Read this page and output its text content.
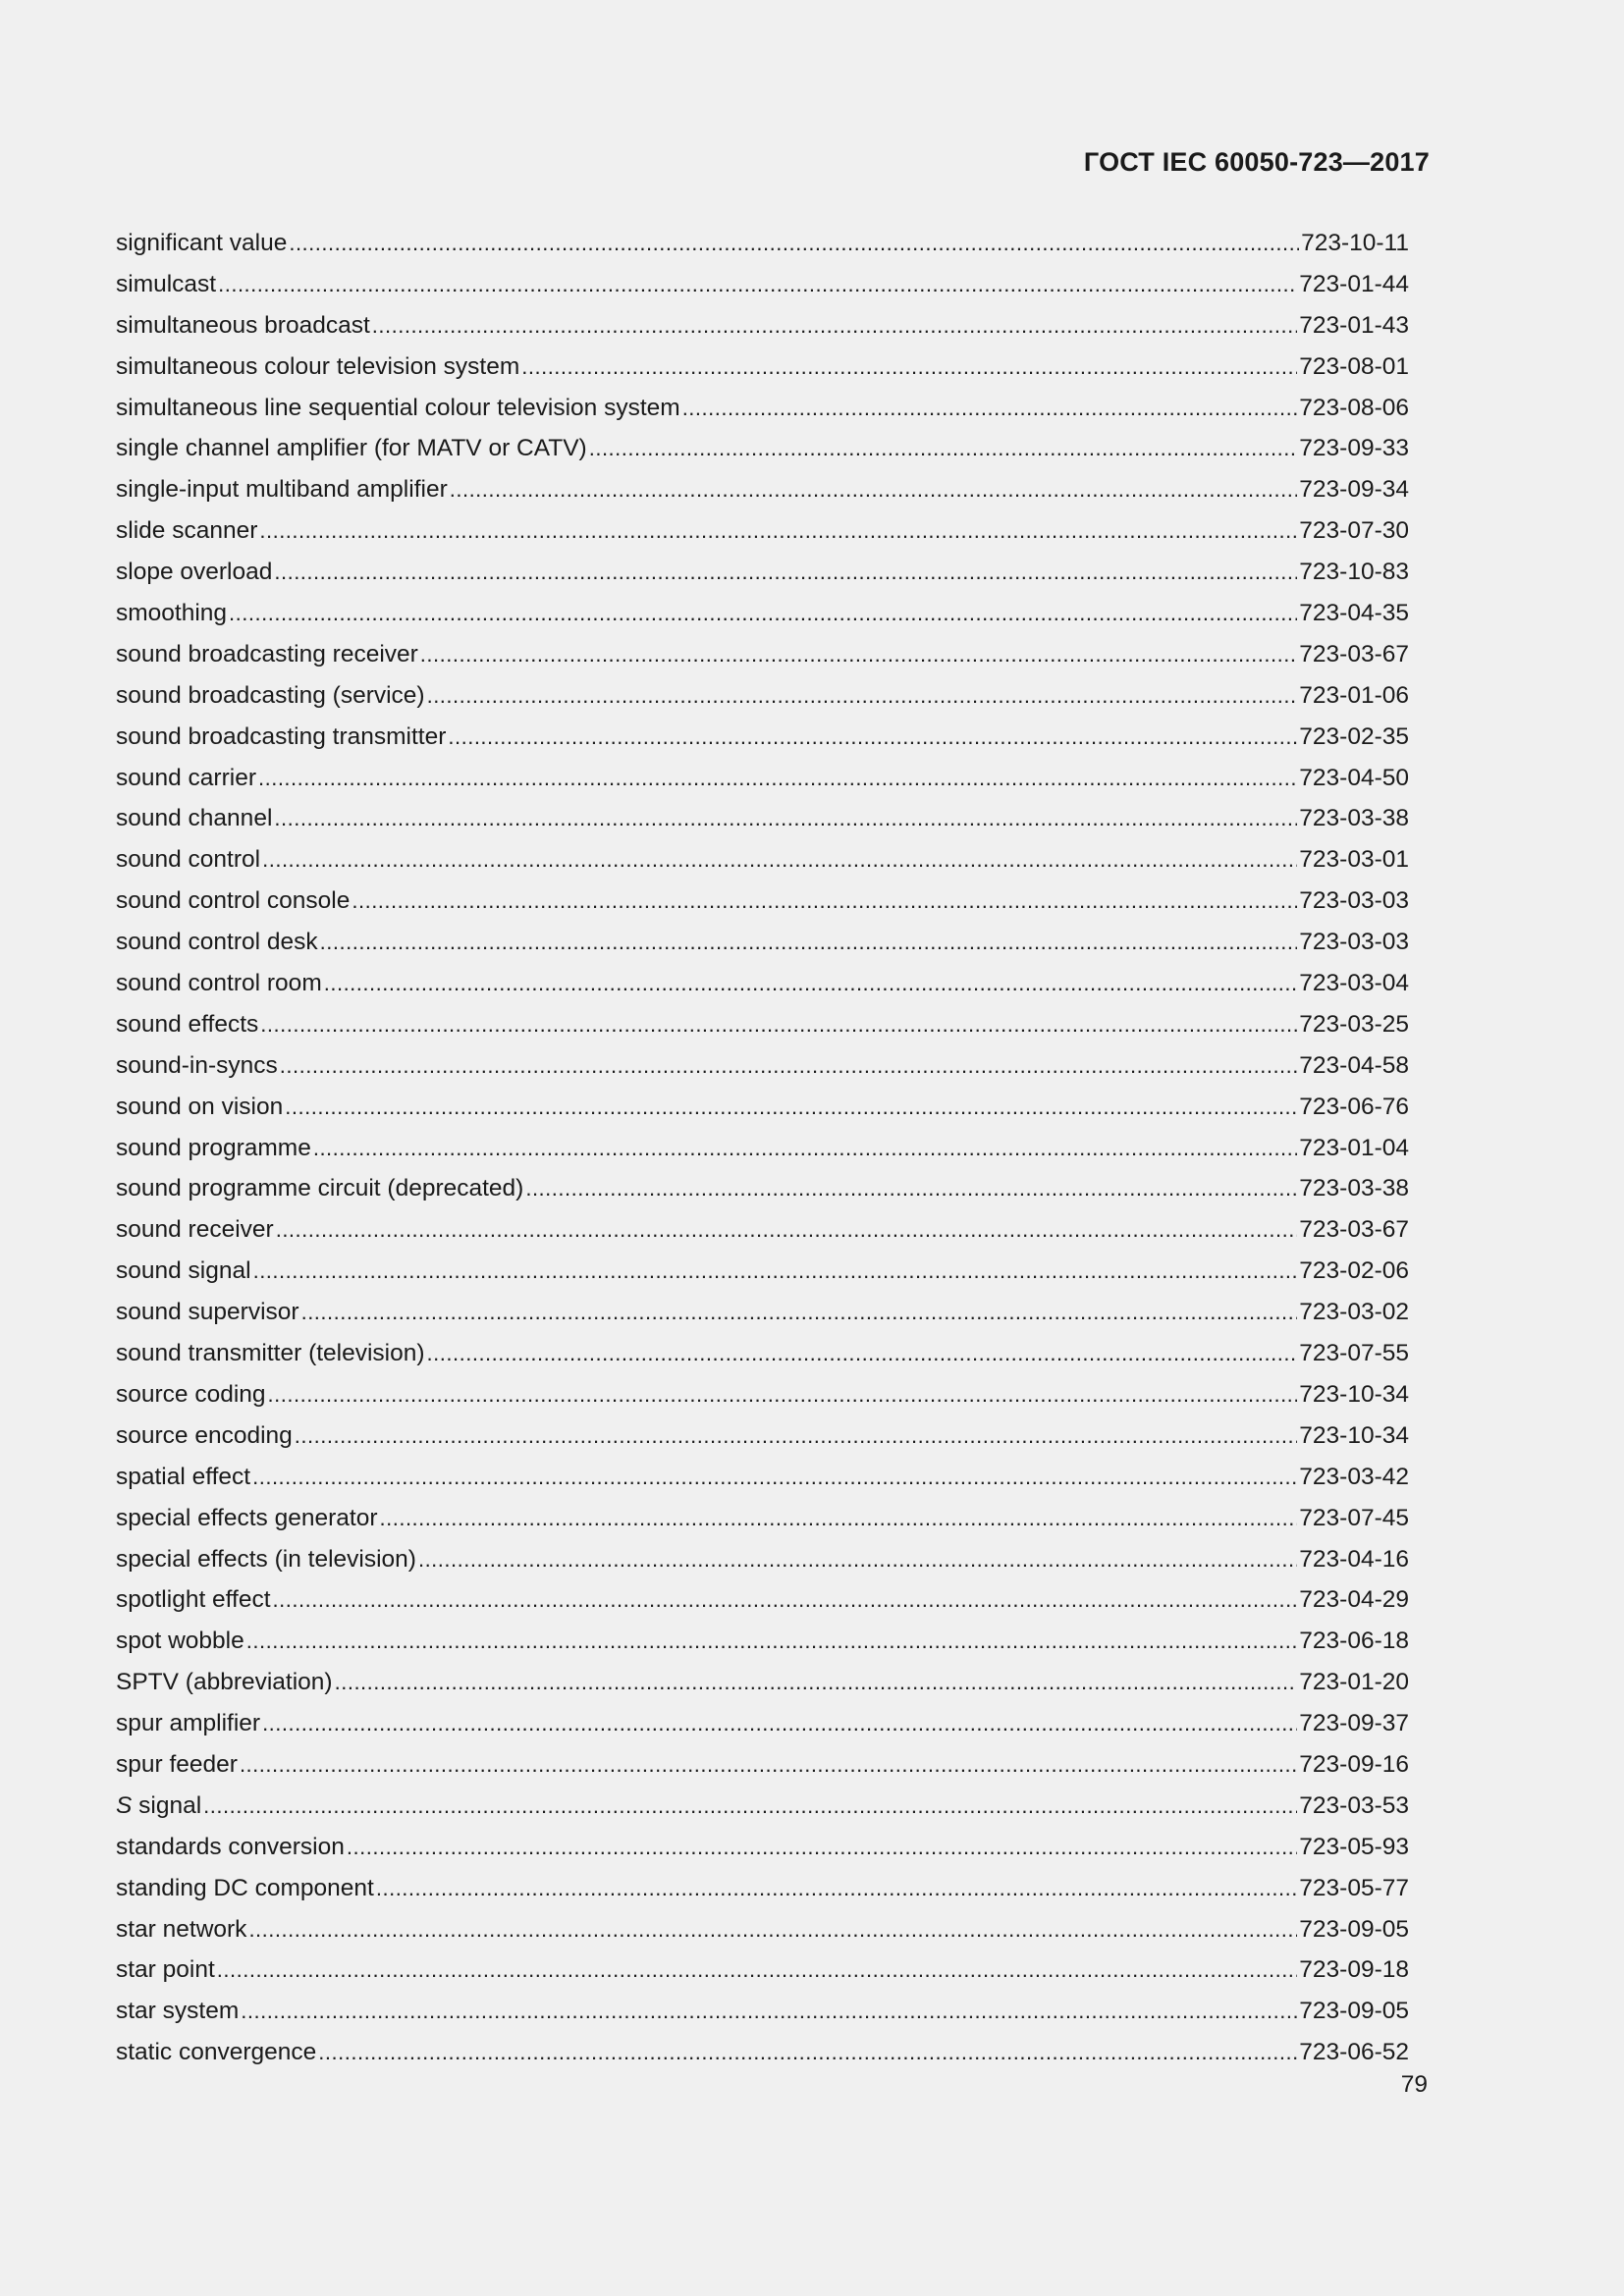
ГОСТ IEC 60050-723—2017
significant value .....	723-10-11
simulcast .....	723-01-44
simultaneous broadcast .....	723-01-43
simultaneous colour television system .....	723-08-01
simultaneous line sequential colour television system .....	723-08-06
single channel amplifier (for MATV or CATV) .....	723-09-33
single-input multiband amplifier .....	723-09-34
slide scanner .....	723-07-30
slope overload .....	723-10-83
smoothing .....	723-04-35
sound broadcasting receiver .....	723-03-67
sound broadcasting (service) .....	723-01-06
sound broadcasting transmitter .....	723-02-35
sound carrier .....	723-04-50
sound channel .....	723-03-38
sound control .....	723-03-01
sound control console .....	723-03-03
sound control desk .....	723-03-03
sound control room .....	723-03-04
sound effects .....	723-03-25
sound-in-syncs .....	723-04-58
sound on vision .....	723-06-76
sound programme .....	723-01-04
sound programme circuit (deprecated) .....	723-03-38
sound receiver .....	723-03-67
sound signal .....	723-02-06
sound supervisor .....	723-03-02
sound transmitter (television) .....	723-07-55
source coding .....	723-10-34
source encoding .....	723-10-34
spatial effect .....	723-03-42
special effects generator .....	723-07-45
special effects (in television) .....	723-04-16
spotlight effect .....	723-04-29
spot wobble .....	723-06-18
SPTV (abbreviation) .....	723-01-20
spur amplifier .....	723-09-37
spur feeder .....	723-09-16
S signal .....	723-03-53
standards conversion .....	723-05-93
standing DC component .....	723-05-77
star network .....	723-09-05
star point .....	723-09-18
star system .....	723-09-05
static convergence .....	723-06-52
79
